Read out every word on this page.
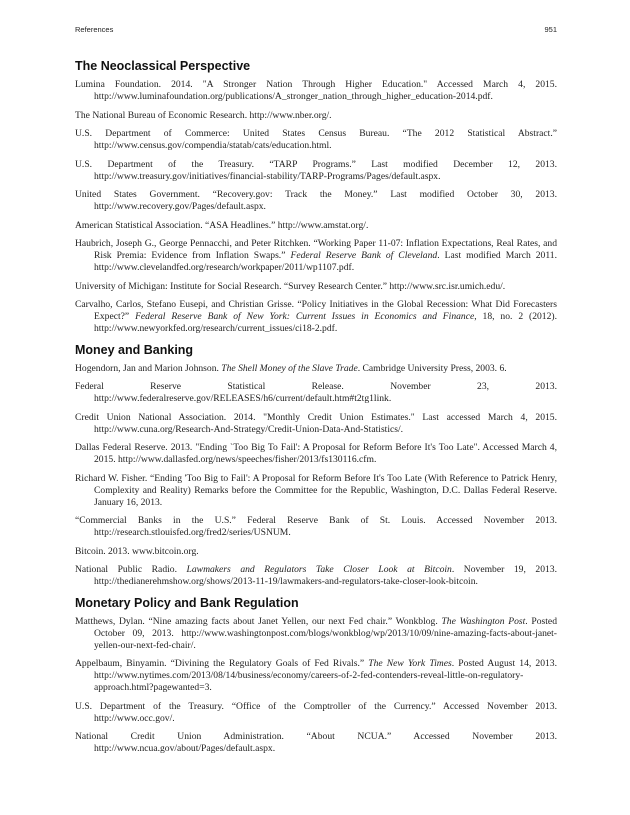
References	951
The Neoclassical Perspective

Lumina Foundation. 2014. "A Stronger Nation Through Higher Education." Accessed March 4, 2015. http://www.luminafoundation.org/publications/A_stronger_nation_through_higher_education-2014.pdf.

The National Bureau of Economic Research. http://www.nber.org/.

U.S. Department of Commerce: United States Census Bureau. “The 2012 Statistical Abstract.” http://www.census.gov/compendia/statab/cats/education.html.

U.S. Department of the Treasury. “TARP Programs.” Last modified December 12, 2013. http://www.treasury.gov/initiatives/financial-stability/TARP-Programs/Pages/default.aspx.

United States Government. “Recovery.gov: Track the Money.” Last modified October 30, 2013. http://www.recovery.gov/Pages/default.aspx.

American Statistical Association. “ASA Headlines.” http://www.amstat.org/.

Haubrich, Joseph G., George Pennacchi, and Peter Ritchken. “Working Paper 11-07: Inflation Expectations, Real Rates, and Risk Premia: Evidence from Inflation Swaps.” Federal Reserve Bank of Cleveland. Last modified March 2011. http://www.clevelandfed.org/research/workpaper/2011/wp1107.pdf.

University of Michigan: Institute for Social Research. “Survey Research Center.” http://www.src.isr.umich.edu/.

Carvalho, Carlos, Stefano Eusepi, and Christian Grisse. “Policy Initiatives in the Global Recession: What Did Forecasters Expect?” Federal Reserve Bank of New York: Current Issues in Economics and Finance, 18, no. 2 (2012). http://www.newyorkfed.org/research/current_issues/ci18-2.pdf.

Money and Banking

Hogendorn, Jan and Marion Johnson. The Shell Money of the Slave Trade. Cambridge University Press, 2003. 6.

Federal Reserve Statistical Release. November 23, 2013. http://www.federalreserve.gov/RELEASES/h6/current/default.htm#t2tg1link.

Credit Union National Association. 2014. "Monthly Credit Union Estimates." Last accessed March 4, 2015. http://www.cuna.org/Research-And-Strategy/Credit-Union-Data-And-Statistics/.

Dallas Federal Reserve. 2013. "Ending `Too Big To Fail': A Proposal for Reform Before It's Too Late". Accessed March 4, 2015. http://www.dallasfed.org/news/speeches/fisher/2013/fs130116.cfm.

Richard W. Fisher. “Ending 'Too Big to Fail': A Proposal for Reform Before It's Too Late (With Reference to Patrick Henry, Complexity and Reality) Remarks before the Committee for the Republic, Washington, D.C. Dallas Federal Reserve. January 16, 2013.

“Commercial Banks in the U.S.” Federal Reserve Bank of St. Louis. Accessed November 2013. http://research.stlouisfed.org/fred2/series/USNUM.

Bitcoin. 2013. www.bitcoin.org.

National Public Radio. Lawmakers and Regulators Take Closer Look at Bitcoin. November 19, 2013. http://thedianerehmshow.org/shows/2013-11-19/lawmakers-and-regulators-take-closer-look-bitcoin.

Monetary Policy and Bank Regulation

Matthews, Dylan. “Nine amazing facts about Janet Yellen, our next Fed chair.” Wonkblog. The Washington Post. Posted October 09, 2013. http://www.washingtonpost.com/blogs/wonkblog/wp/2013/10/09/nine-amazing-facts-about-janet-yellen-our-next-fed-chair/.

Appelbaum, Binyamin. “Divining the Regulatory Goals of Fed Rivals.” The New York Times. Posted August 14, 2013. http://www.nytimes.com/2013/08/14/business/economy/careers-of-2-fed-contenders-reveal-little-on-regulatory-approach.html?pagewanted=3.

U.S. Department of the Treasury. “Office of the Comptroller of the Currency.” Accessed November 2013. http://www.occ.gov/.

National Credit Union Administration. “About NCUA.” Accessed November 2013. http://www.ncua.gov/about/Pages/default.aspx.
